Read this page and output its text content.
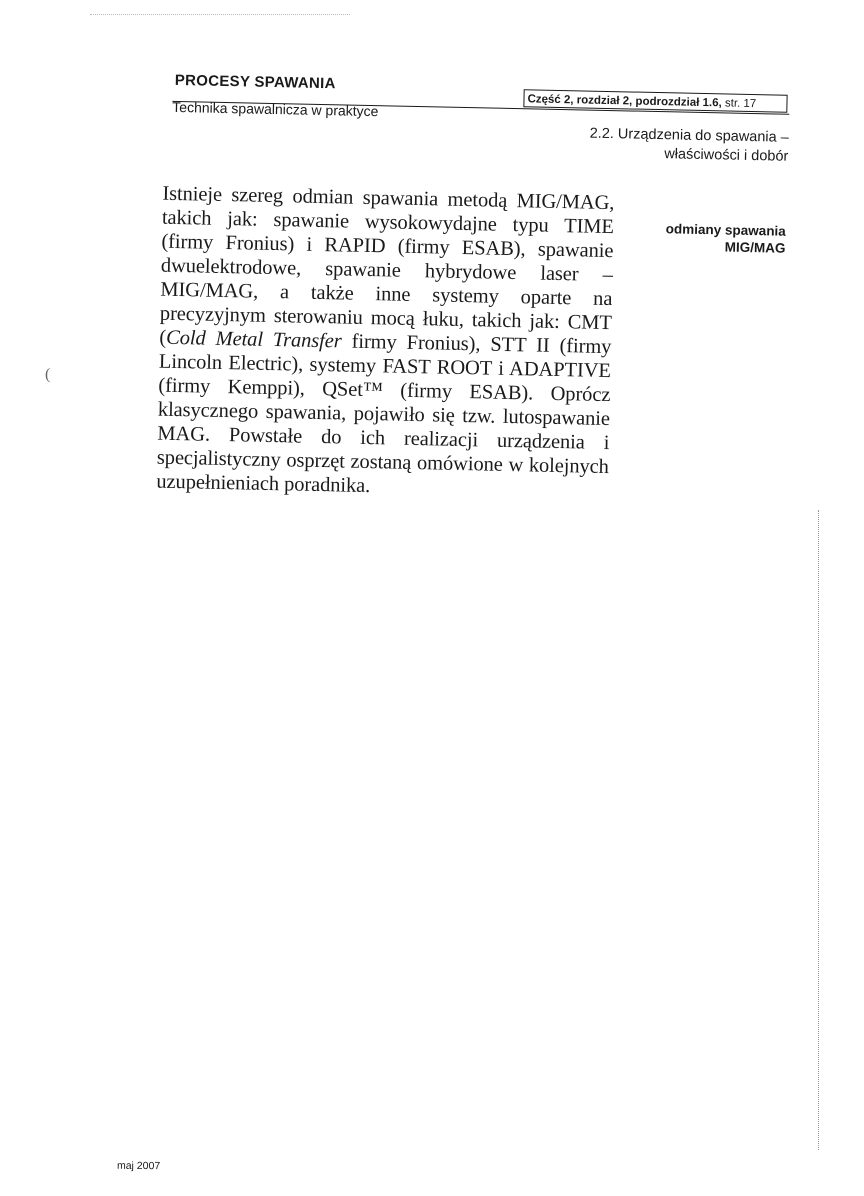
(
PROCESY SPAWANIA
Część 2, rozdział 2, podrozdział 1.6, str. 17
Technika spawalnicza w praktyce
2.2. Urządzenia do spawania –
właściwości i dobór

Istnieje szereg odmian spawania metodą MIG/MAG, takich jak: spawanie wysokowydajne typu TIME (firmy Fronius) i RAPID (firmy ESAB), spawanie dwuelektrodowe, spawanie hybrydowe laser – MIG/MAG, a także inne systemy oparte na precyzyjnym sterowaniu mocą łuku, takich jak: CMT (Cold Metal Transfer firmy Fronius), STT II (firmy Lincoln Electric), systemy FAST ROOT i ADAPTIVE (firmy Kemppi), QSet™ (firmy ESAB). Oprócz klasycznego spawania, pojawiło się tzw. lutospawanie MAG. Powstałe do ich realizacji urządzenia i specjalistyczny osprzęt zostaną omówione w kolejnych uzupełnieniach poradnika.

odmiany spawania
MIG/MAG
maj 2007
